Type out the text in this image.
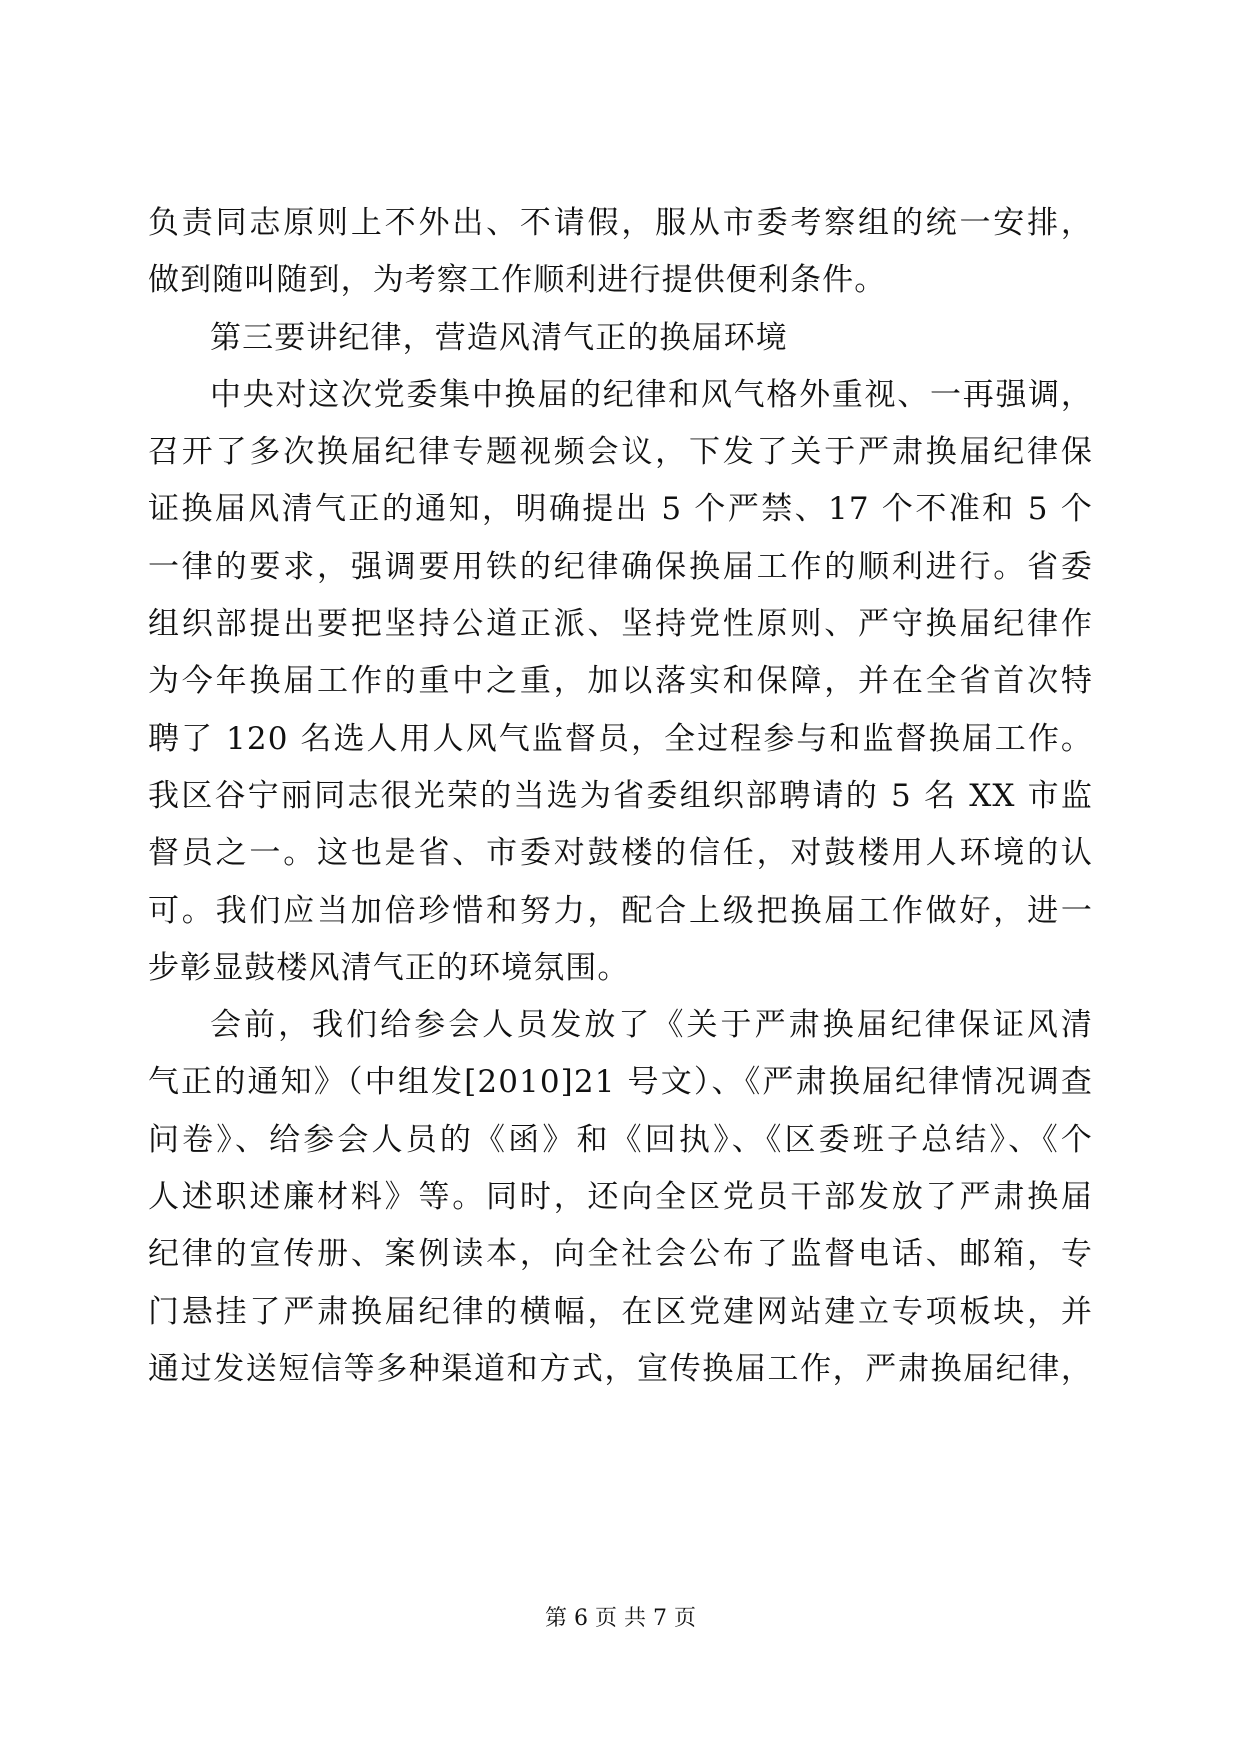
负责同志原则上不外出、不请假，服从市委考察组的统一安排，
做到随叫随到，为考察工作顺利进行提供便利条件。
第三要讲纪律，营造风清气正的换届环境
中央对这次党委集中换届的纪律和风气格外重视、一再强调，
召开了多次换届纪律专题视频会议，下发了关于严肃换届纪律保
证换届风清气正的通知，明确提出 5 个严禁、17 个不准和 5 个
一律的要求，强调要用铁的纪律确保换届工作的顺利进行。省委
组织部提出要把坚持公道正派、坚持党性原则、严守换届纪律作
为今年换届工作的重中之重，加以落实和保障，并在全省首次特
聘了 120 名选人用人风气监督员，全过程参与和监督换届工作。
我区谷宁丽同志很光荣的当选为省委组织部聘请的 5 名 XX 市监
督员之一。这也是省、市委对鼓楼的信任，对鼓楼用人环境的认
可。我们应当加倍珍惜和努力，配合上级把换届工作做好，进一
步彰显鼓楼风清气正的环境氛围。
会前，我们给参会人员发放了《关于严肃换届纪律保证风清
气正的通知》（中组发[2010]21 号文）、《严肃换届纪律情况调查
问卷》、给参会人员的《函》和《回执》、《区委班子总结》、《个
人述职述廉材料》等。同时，还向全区党员干部发放了严肃换届
纪律的宣传册、案例读本，向全社会公布了监督电话、邮箱，专
门悬挂了严肃换届纪律的横幅，在区党建网站建立专项板块，并
通过发送短信等多种渠道和方式，宣传换届工作，严肃换届纪律，
第 6 页 共 7 页
